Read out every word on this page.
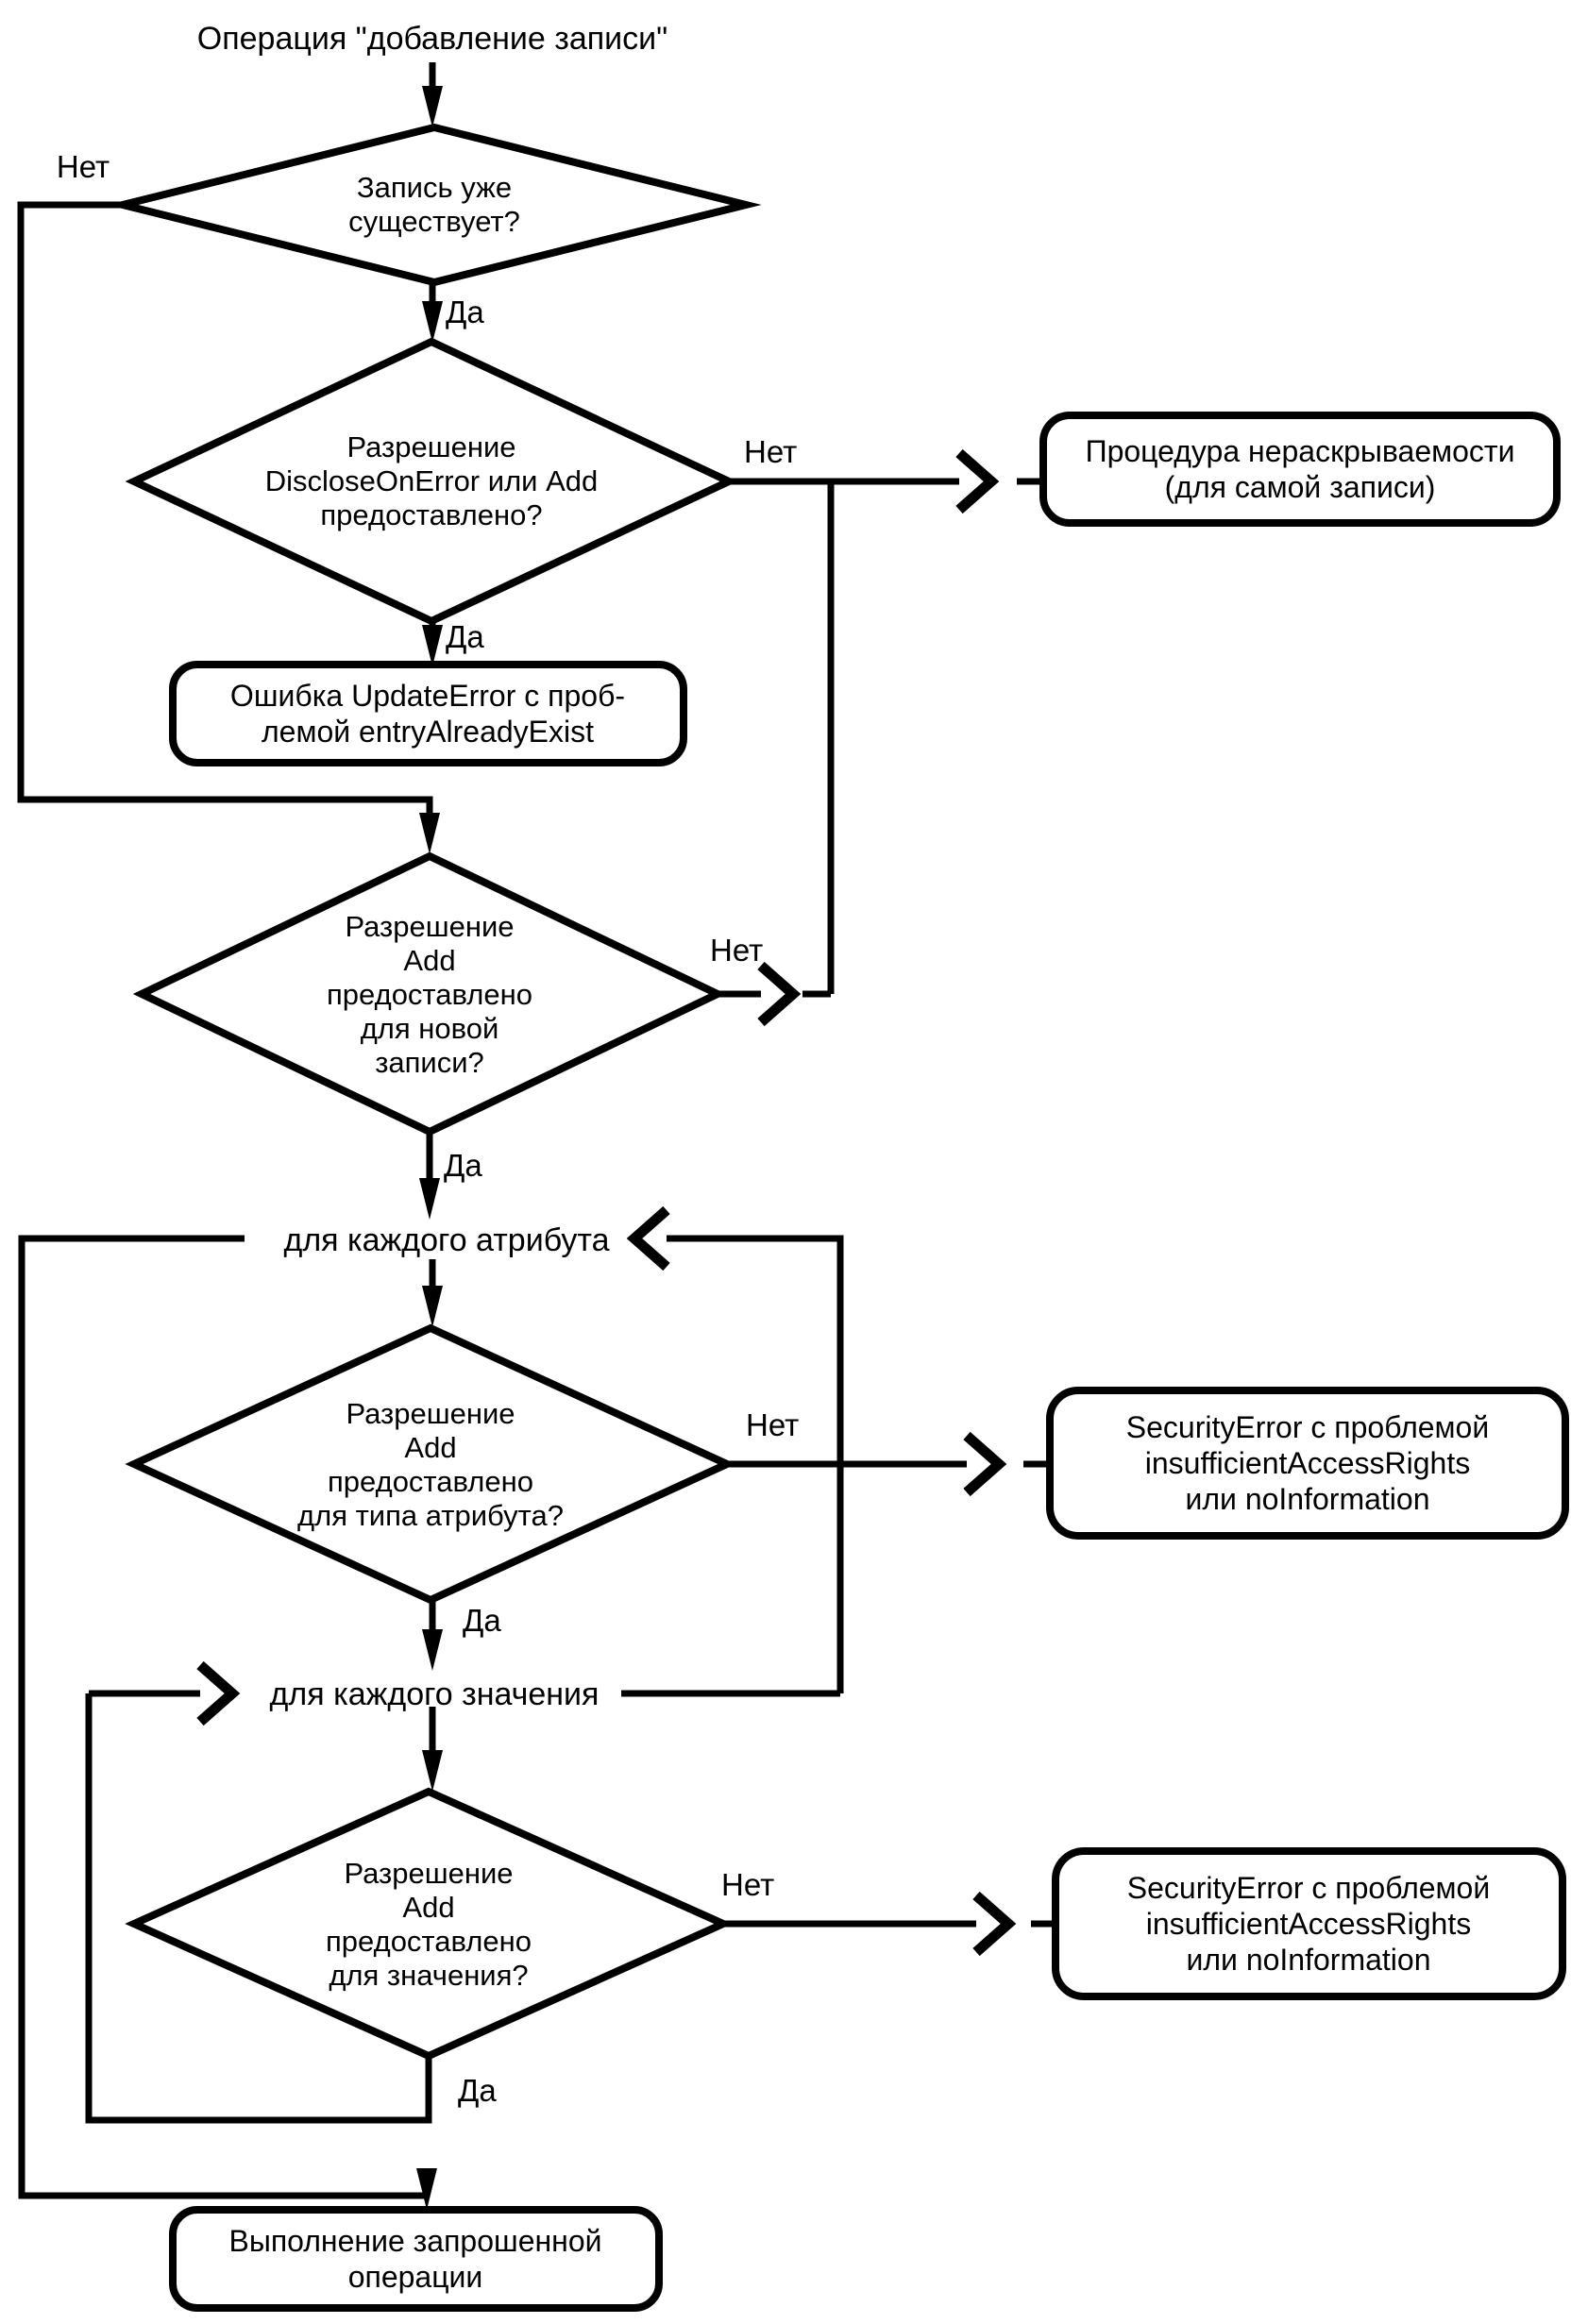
Операция "добавление записи"
Запись уже
существует?
Нет
Да
Разрешение
DiscloseOnError или Add
предоставлено?
Нет
Да
Процедура нераскрываемости
(для самой записи)
Ошибка UpdateError с проб-
лемой entryAlreadyExist
Разрешение
Add
предоставлено
для новой
записи?
Нет
Да
для каждого атрибута
Разрешение
Add
предоставлено
для типа атрибута?
Нет
Да
SecurityError с проблемой
insufficientAccessRights
или noInformation
для каждого значения
Разрешение
Add
предоставлено
для значения?
Нет
Да
SecurityError с проблемой
insufficientAccessRights
или noInformation
Выполнение запрошенной
операции
